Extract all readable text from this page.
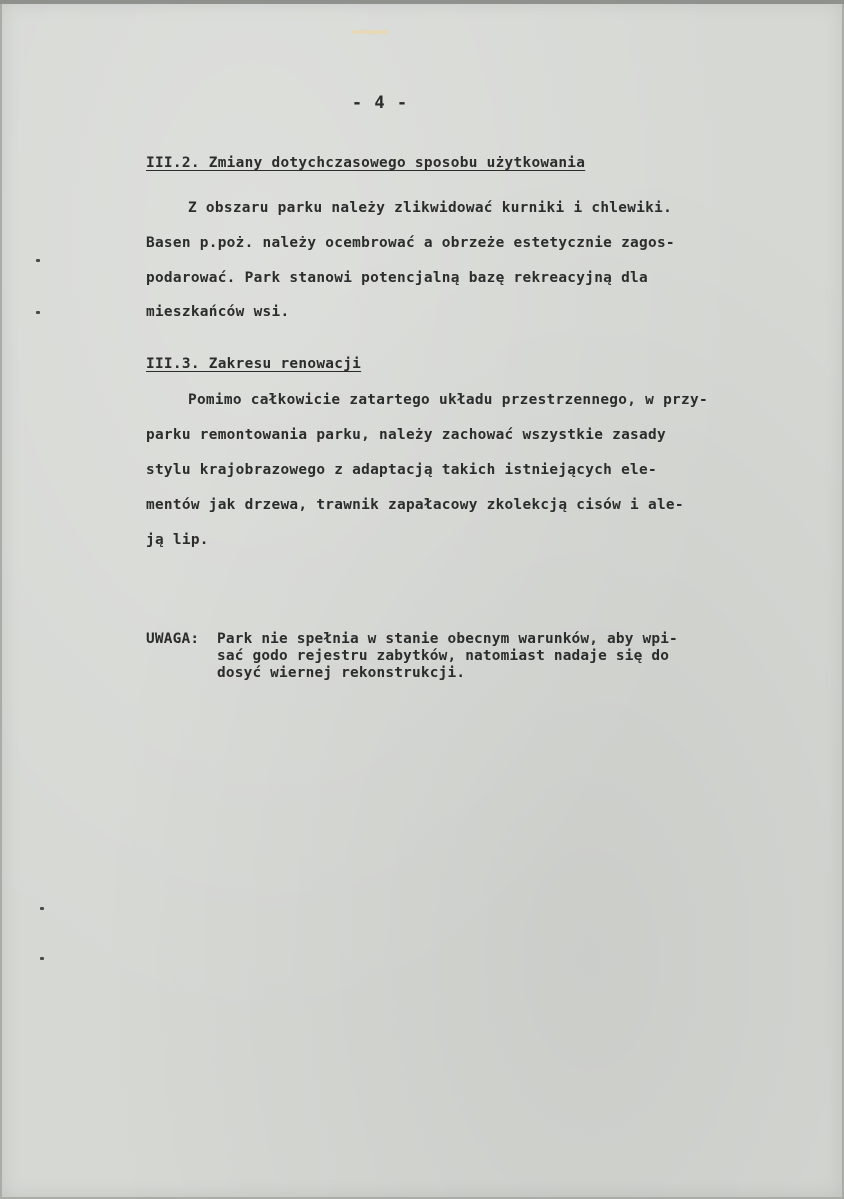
- 4 -
III.2. Zmiany dotychczasowego sposobu użytkowania
Z obszaru parku należy zlikwidować kurniki i chlewiki.
Basen p.poż. należy ocembrować a obrzeże estetycznie zagos-
podarować. Park stanowi potencjalną bazę rekreacyjną dla
mieszkańców wsi.
III.3. Zakresu renowacji
Pomimo całkowicie zatartego układu przestrzennego, w przy-
parku remontowania parku, należy zachować wszystkie zasady
stylu krajobrazowego z adaptacją takich istniejących ele-
mentów jak drzewa, trawnik zapałacowy zkolekcją cisów i ale-
ją lip.
UWAGA: Park nie spełnia w stanie obecnym warunków, aby wpi-
sać godo rejestru zabytków, natomiast nadaje się do
dosyć wiernej rekonstrukcji.
